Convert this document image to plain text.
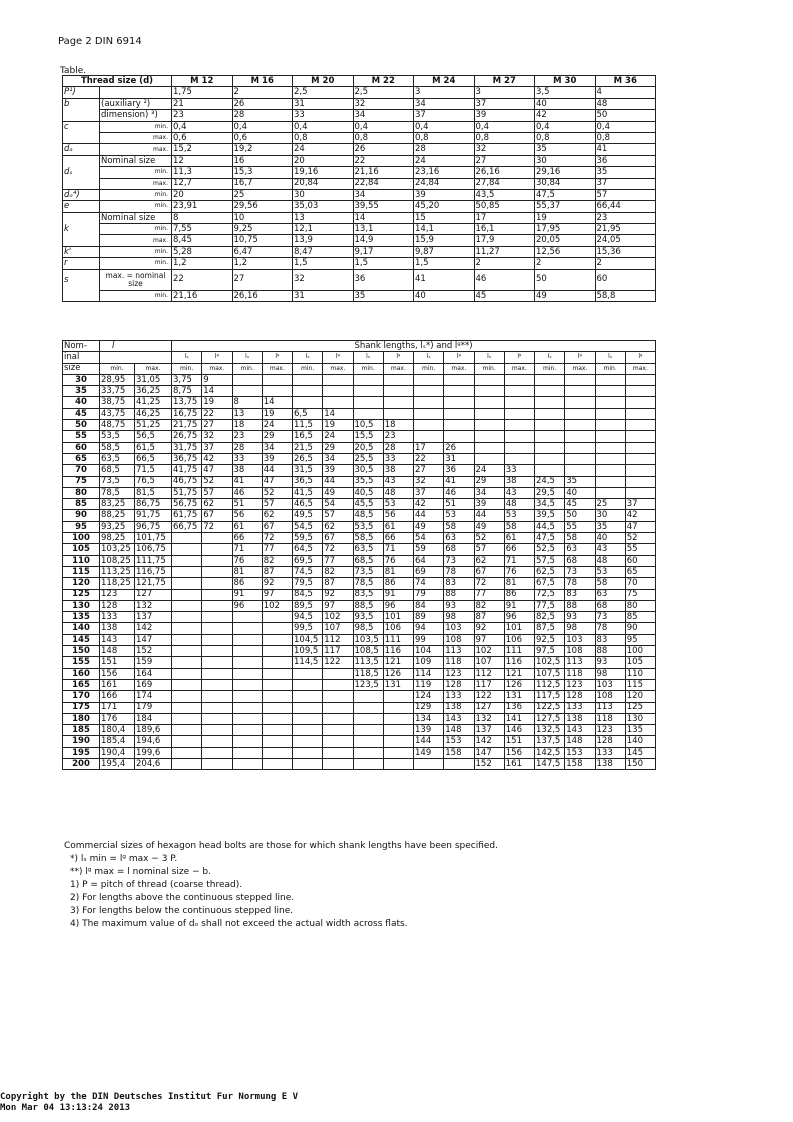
Page 2 DIN 6914
Table.
Thread size (d)		M 12	M 16	M 20	M 22	M 24	M 27	M 30	M 36
P¹)		1,75	2	2,5	2,5	3	3	3,5	4
b	(auxiliary ²)	21	26	31	32	34	37	40	48
	dimension) ³)	23	28	33	34	37	39	42	50
c	min.	0,4	0,4	0,4	0,4	0,4	0,4	0,4	0,4
	max.	0,6	0,6	0,8	0,8	0,8	0,8	0,8	0,8
dₐ	max.	15,2	19,2	24	26	28	32	35	41
	Nominal size	12	16	20	22	24	27	30	36
dₛ	min.	11,3	15,3	19,16	21,16	23,16	26,16	29,16	35
	max.	12,7	16,7	20,84	22,84	24,84	27,84	30,84	37
dₒ⁴)	min.	20	25	30	34	39	43,5	47,5	57
e	min.	23,91	29,56	35,03	39,55	45,20	50,85	55,37	66,44
	Nominal size	8	10	13	14	15	17	19	23
k	min.	7,55	9,25	12,1	13,1	14,1	16,1	17,95	21,95
	max.	8,45	10,75	13,9	14,9	15,9	17,9	20,05	24,05
k'	min.	5,28	6,47	8,47	9,17	9,87	11,27	12,56	15,36
r	min.	1,2	1,2	1,5	1,5	1,5	2	2	2
s	max. = nominal size	22	27	32	36	41	46	50	60
	min.	21,16	26,16	31	35	40	45	49	58,8
Nom-	l		Shank lengths, lₛ*) and lᵍ**)															
inal			lₛ	lᵍ	lₛ	lᵍ	lₛ	lᵍ	lₛ	lᵍ	lₛ	lᵍ	lₛ	lᵍ	lₛ	lᵍ	lₛ	lᵍ
size	min.	max.	min.	max.	min.	max.	min.	max.	min.	max.	min.	max.	min.	max.	min.	max.	min.	max.
30	28,95	31,05	3,75	9														
35	33,75	36,25	8,75	14														
40	38,75	41,25	13,75	19	8	14												
45	43,75	46,25	16,75	22	13	19	6,5	14										
50	48,75	51,25	21,75	27	18	24	11,5	19	10,5	18								
55	53,5	56,5	26,75	32	23	29	16,5	24	15,5	23								
60	58,5	61,5	31,75	37	28	34	21,5	29	20,5	28	17	26						
65	63,5	66,5	36,75	42	33	39	26,5	34	25,5	33	22	31						
70	68,5	71,5	41,75	47	38	44	31,5	39	30,5	38	27	36	24	33				
75	73,5	76,5	46,75	52	41	47	36,5	44	35,5	43	32	41	29	38	24,5	35		
80	78,5	81,5	51,75	57	46	52	41,5	49	40,5	48	37	46	34	43	29,5	40		
85	83,25	86,75	56,75	62	51	57	46,5	54	45,5	53	42	51	39	48	34,5	45	25	37
90	88,25	91,75	61,75	67	56	62	49,5	57	48,5	56	44	53	44	53	39,5	50	30	42
95	93,25	96,75	66,75	72	61	67	54,5	62	53,5	61	49	58	49	58	44,5	55	35	47
100	98,25	101,75			66	72	59,5	67	58,5	66	54	63	52	61	47,5	58	40	52
105	103,25	106,75			71	77	64,5	72	63,5	71	59	68	57	66	52,5	63	43	55
110	108,25	111,75			76	82	69,5	77	68,5	76	64	73	62	71	57,5	68	48	60
115	113,25	116,75			81	87	74,5	82	73,5	81	69	78	67	76	62,5	73	53	65
120	118,25	121,75			86	92	79,5	87	78,5	86	74	83	72	81	67,5	78	58	70
125	123	127			91	97	84,5	92	83,5	91	79	88	77	86	72,5	83	63	75
130	128	132			96	102	89,5	97	88,5	96	84	93	82	91	77,5	88	68	80
135	133	137					94,5	102	93,5	101	89	98	87	96	82,5	93	73	85
140	138	142					99,5	107	98,5	106	94	103	92	101	87,5	98	78	90
145	143	147					104,5	112	103,5	111	99	108	97	106	92,5	103	83	95
150	148	152					109,5	117	108,5	116	104	113	102	111	97,5	108	88	100
155	151	159					114,5	122	113,5	121	109	118	107	116	102,5	113	93	105
160	156	164							118,5	126	114	123	112	121	107,5	118	98	110
165	161	169							123,5	131	119	128	117	126	112,5	123	103	115
170	166	174									124	133	122	131	117,5	128	108	120
175	171	179									129	138	127	136	122,5	133	113	125
180	176	184									134	143	132	141	127,5	138	118	130
185	180,4	189,6									139	148	137	146	132,5	143	123	135
190	185,4	194,6									144	153	142	151	137,5	148	128	140
195	190,4	199,6									149	158	147	156	142,5	153	133	145
200	195,4	204,6											152	161	147,5	158	138	150
Commercial sizes of hexagon head bolts are those for which shank lengths have been specified.
*) lₛ min = lᵍ max − 3 P.
**) lᵍ max = l nominal size − b.
1) P = pitch of thread (coarse thread).
2) For lengths above the continuous stepped line.
3) For lengths below the continuous stepped line.
4) The maximum value of dₒ shall not exceed the actual width across flats.
Copyright by the DIN Deutsches Institut Fur Normung E V
Mon Mar 04 13:13:24 2013
